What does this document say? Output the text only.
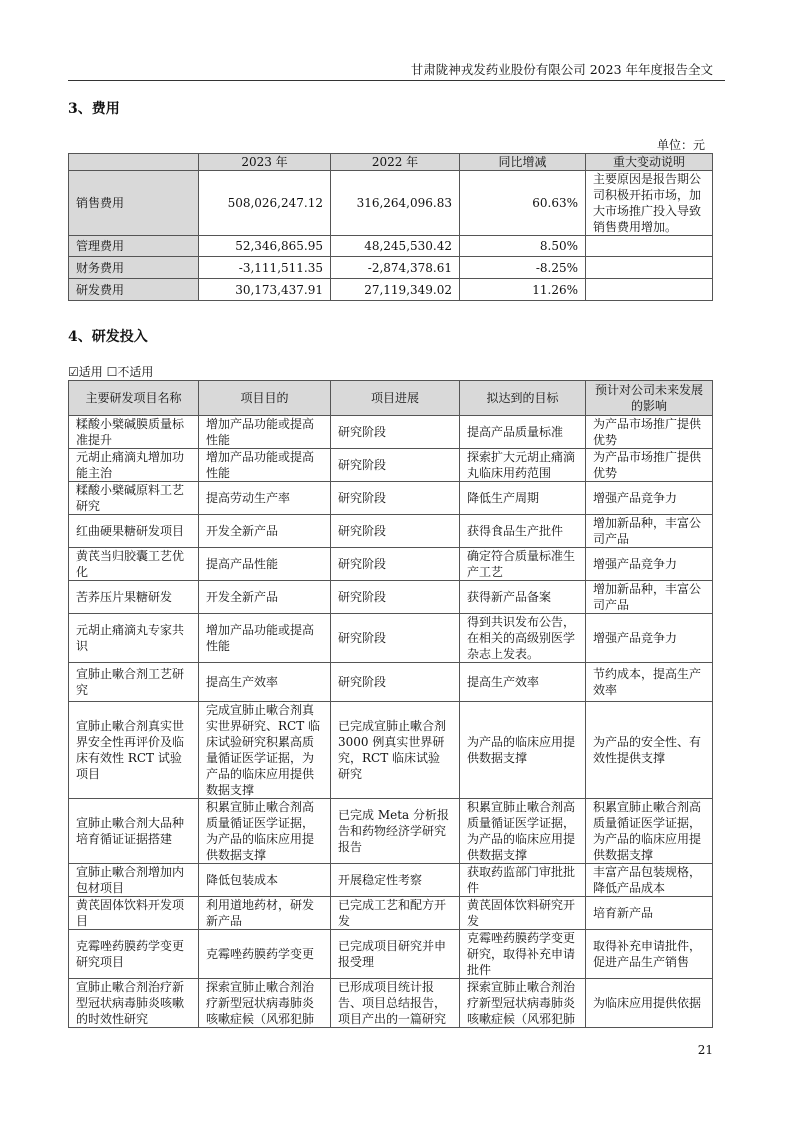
甘肃陇神戎发药业股份有限公司 2023 年年度报告全文
3、费用
单位：元
	2023 年	2022 年	同比增减	重大变动说明
销售费用	508,026,247.12	316,264,096.83	60.63%	主要原因是报告期公司积极开拓市场，加大市场推广投入导致销售费用增加。
管理费用	52,346,865.95	48,245,530.42	8.50%	
财务费用	-3,111,511.35	-2,874,378.61	-8.25%	
研发费用	30,173,437.91	27,119,349.02	11.26%	
4、研发投入
☑适用 ☐不适用
主要研发项目名称	项目目的	项目进展	拟达到的目标	预计对公司未来发展的影响
糅酸小檗碱膜质量标准提升	增加产品功能或提高性能	研究阶段	提高产品质量标准	为产品市场推广提供优势
元胡止痛滴丸增加功能主治	增加产品功能或提高性能	研究阶段	探索扩大元胡止痛滴丸临床用药范围	为产品市场推广提供优势
糅酸小檗碱原料工艺研究	提高劳动生产率	研究阶段	降低生产周期	增强产品竞争力
红曲硬果糖研发项目	开发全新产品	研究阶段	获得食品生产批件	增加新品种，丰富公司产品
黄芪当归胶囊工艺优化	提高产品性能	研究阶段	确定符合质量标准生产工艺	增强产品竞争力
苦荞压片果糖研发	开发全新产品	研究阶段	获得新产品备案	增加新品种，丰富公司产品
元胡止痛滴丸专家共识	增加产品功能或提高性能	研究阶段	得到共识发布公告，在相关的高级别医学杂志上发表。	增强产品竞争力
宣肺止嗽合剂工艺研究	提高生产效率	研究阶段	提高生产效率	节约成本，提高生产效率
宣肺止嗽合剂真实世界安全性再评价及临床有效性 RCT 试验项目	完成宣肺止嗽合剂真实世界研究、RCT 临床试验研究积累高质量循证医学证据，为产品的临床应用提供数据支撑	已完成宣肺止嗽合剂 3000 例真实世界研究，RCT 临床试验研究	为产品的临床应用提供数据支撑	为产品的安全性、有效性提供支撑
宣肺止嗽合剂大品种培育循证证据搭建	积累宣肺止嗽合剂高质量循证医学证据，为产品的临床应用提供数据支撑	已完成 Meta 分析报告和药物经济学研究报告	积累宣肺止嗽合剂高质量循证医学证据，为产品的临床应用提供数据支撑	积累宣肺止嗽合剂高质量循证医学证据，为产品的临床应用提供数据支撑
宣肺止嗽合剂增加内包材项目	降低包装成本	开展稳定性考察	获取药监部门审批批件	丰富产品包装规格，降低产品成本
黄芪固体饮料开发项目	利用道地药材，研发新产品	已完成工艺和配方开发	黄芪固体饮料研究开发	培育新产品
克霉唑药膜药学变更研究项目	克霉唑药膜药学变更	已完成项目研究并申报受理	克霉唑药膜药学变更研究，取得补充申请批件	取得补充申请批件，促进产品生产销售
宣肺止嗽合剂治疗新型冠状病毒肺炎咳嗽的时效性研究	探索宣肺止嗽合剂治疗新型冠状病毒肺炎咳嗽症候（风邪犯肺	已形成项目统计报告、项目总结报告，项目产出的一篇研究	探索宣肺止嗽合剂治疗新型冠状病毒肺炎咳嗽症候（风邪犯肺	为临床应用提供依据
21
